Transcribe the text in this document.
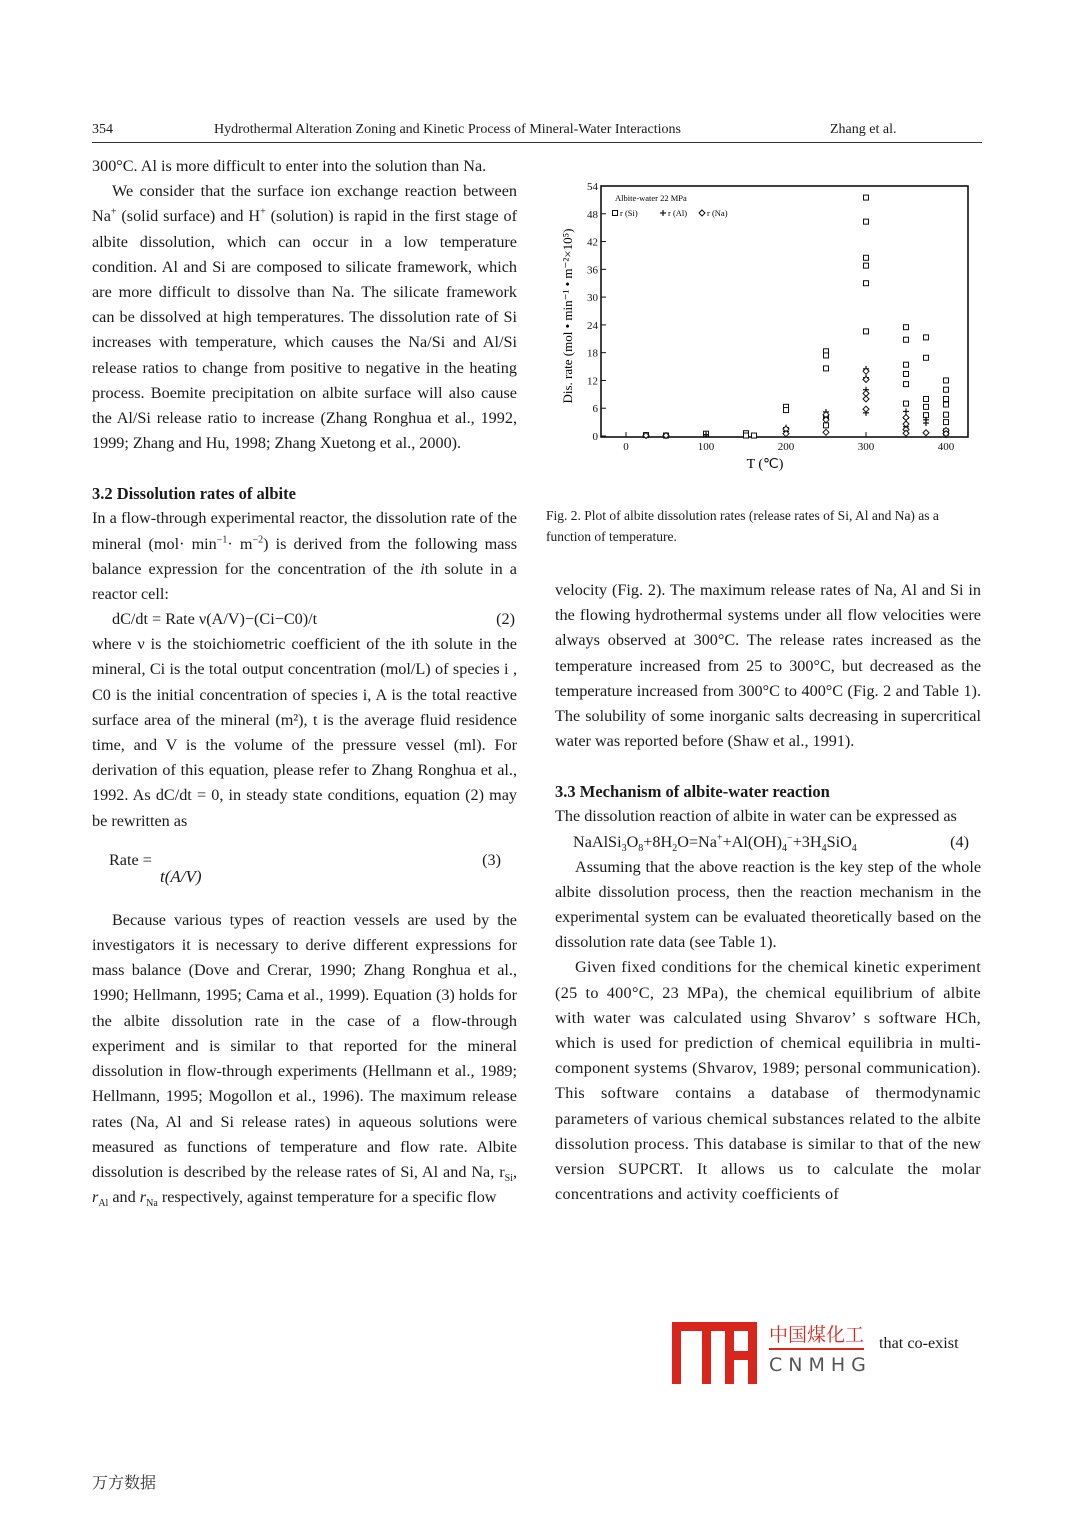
354	Hydrothermal Alteration Zoning and Kinetic Process of Mineral-Water Interactions	Zhang et al.

300°C. Al is more difficult to enter into the solution than Na.

We consider that the surface ion exchange reaction between Na+ (solid surface) and H+ (solution) is rapid in the first stage of albite dissolution, which can occur in a low temperature condition. Al and Si are composed to silicate framework, which are more difficult to dissolve than Na. The silicate framework can be dissolved at high temperatures. The dissolution rate of Si increases with temperature, which causes the Na/Si and Al/Si release ratios to change from positive to negative in the heating process. Boemite precipitation on albite surface will also cause the Al/Si release ratio to increase (Zhang Ronghua et al., 1992, 1999; Zhang and Hu, 1998; Zhang Xuetong et al., 2000).

3.2 Dissolution rates of albite

In a flow-through experimental reactor, the dissolution rate of the mineral $(mol\cdot \min^{-1}\cdot m^{-2})$ is derived from the following mass balance expression for the concentration of the ith solute in a reactor cell:

dC/dt = Rate ν(A/V)−(Ci−C0)/t	(2)

where ν is the stoichiometric coefficient of the ith solute in the mineral, Ci is the total output concentration (mol/L) of species i , C0 is the initial concentration of species i, A is the total reactive surface area of the mineral (m²), t is the average fluid residence time, and V is the volume of the pressure vessel (ml). For derivation of this equation, please refer to Zhang Ronghua et al., 1992. As dC/dt = 0, in steady state conditions, equation (2) may be rewritten as

Rate =
t(A/V)
(3)

Because various types of reaction vessels are used by the investigators it is necessary to derive different expressions for mass balance (Dove and Crerar, 1990; Zhang Ronghua et al., 1990; Hellmann, 1995; Cama et al., 1999). Equation (3) holds for the albite dissolution rate in the case of a flow-through experiment and is similar to that reported for the mineral dissolution in flow-through experiments (Hellmann et al., 1989; Hellmann, 1995; Mogollon et al., 1996). The maximum release rates (Na, Al and Si release rates) in aqueous solutions were measured as functions of temperature and flow rate. Albite dissolution is described by the release rates of Si, Al and Na, $r_{Si}$, $r_{Al}$ and $r_{Na}$ respectively, against temperature for a specific flow

0
6
12
18
24
30
36
42
48
54
0	100	200	300	400
T (℃)
Dis. rate (mol • min⁻¹ • m⁻²×10⁵)
Albite-water 22 MPa
r (Si)	r (Al) r (Na)
Fig. 2. Plot of albite dissolution rates (release rates of Si, Al and Na) as a function of temperature.

velocity (Fig. 2). The maximum release rates of Na, Al and Si in the flowing hydrothermal systems under all flow velocities were always observed at 300°C. The release rates increased as the temperature increased from 25 to 300°C, but decreased as the temperature increased from 300°C to 400°C (Fig. 2 and Table 1). The solubility of some inorganic salts decreasing in supercritical water was reported before (Shaw et al., 1991).

3.3 Mechanism of albite-water reaction

The dissolution reaction of albite in water can be expressed as

$NaAlSi_3O_8+8H_2O=Na^++Al(OH)_4^-+3H_4SiO_4$	(4)

Assuming that the above reaction is the key step of the whole albite dissolution process, then the reaction mechanism in the experimental system can be evaluated theoretically based on the dissolution rate data (see Table 1).

Given fixed conditions for the chemical kinetic experiment (25 to 400°C, 23 MPa), the chemical equilibrium of albite with water was calculated using Shvarov’ s software HCh, which is used for prediction of chemical equilibria in multi-component systems (Shvarov, 1989; personal communication). This software contains a database of thermodynamic parameters of various chemical substances related to the albite dissolution process. This database is similar to that of the new version SUPCRT. It allows us to calculate the molar concentrations and activity coefficients of

中国煤化工
CNMHG
that co-exist
万方数据
